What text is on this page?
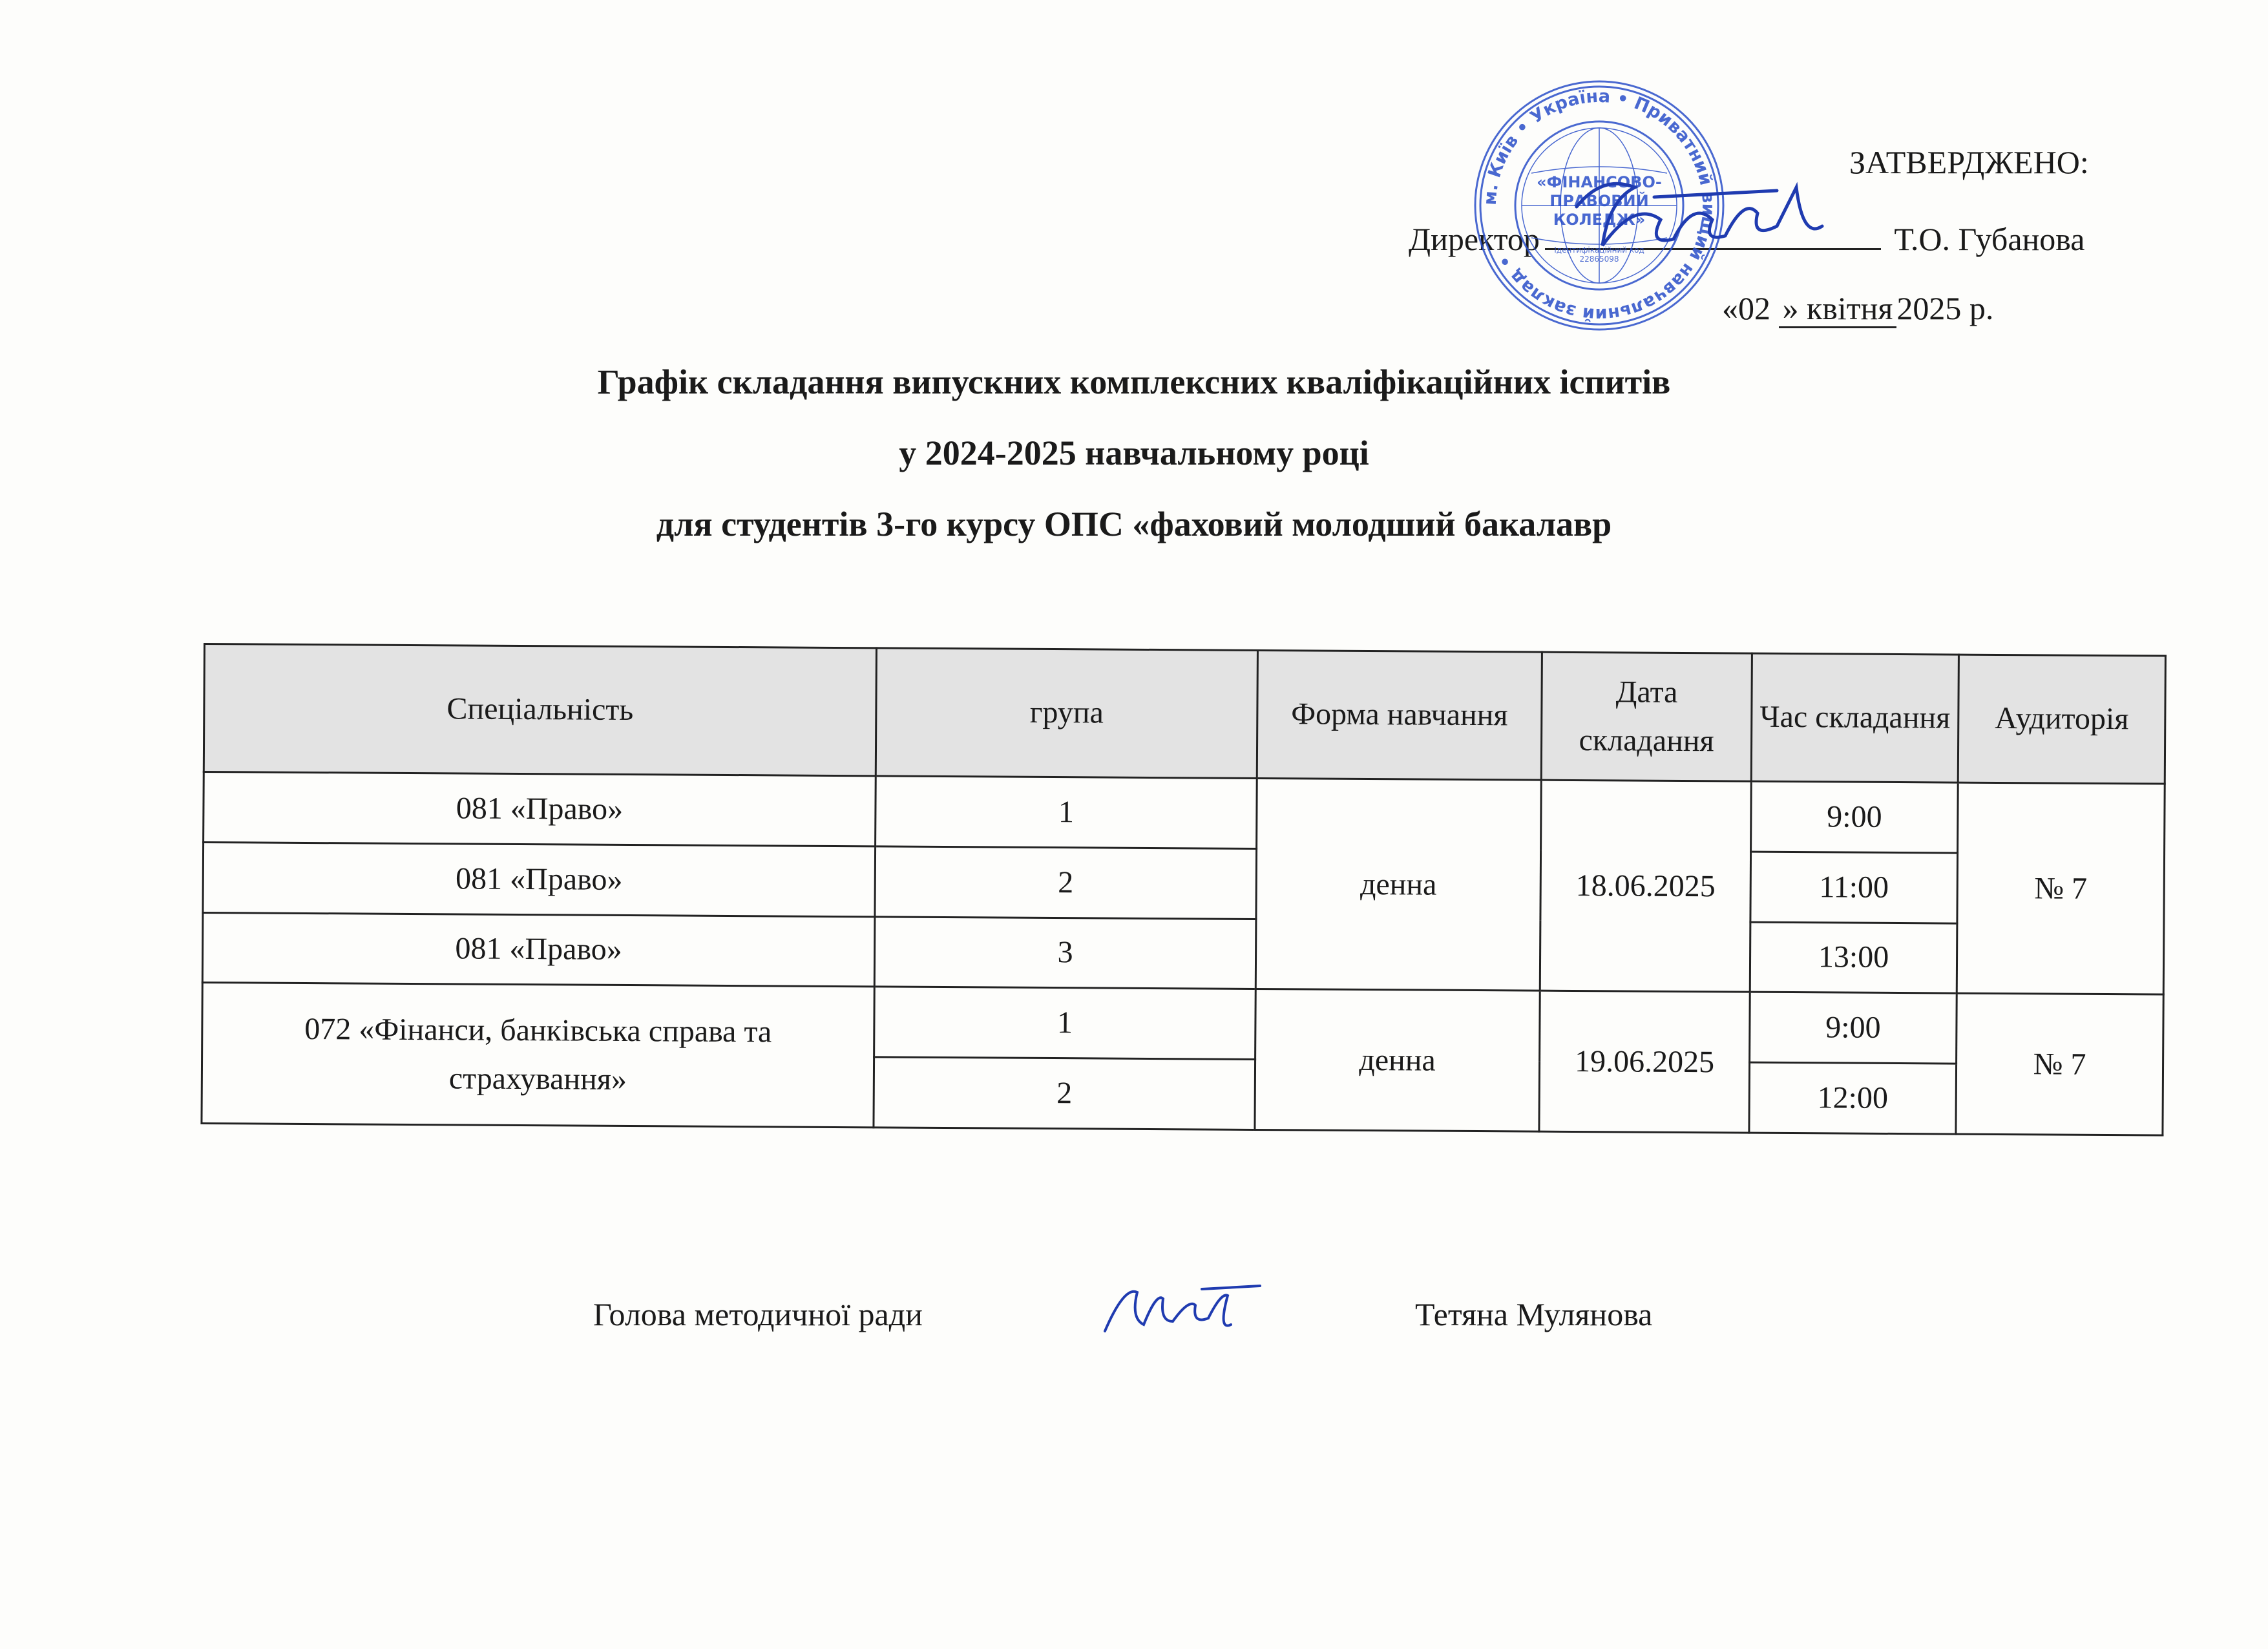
ЗАТВЕРДЖЕНО:
Директор	Т.О. Губанова
«02 » квітня 2025 р.
м. Київ • Україна • Приватний вищий навчальний заклад •
«ФІНАНСОВО-ПРАВОВИЙ КОЛЕДЖ»
Ідентифікаційний код 22865098
Графік складання випускних комплексних кваліфікаційних іспитів
у 2024-2025 навчальному році
для студентів 3-го курсу ОПС «фаховий молодший бакалавр
Спеціальність	група	Форма навчання	Дата складання	Час складання	Аудиторія
081 «Право»	1	денна	18.06.2025	9:00	№ 7
081 «Право»	2			11:00	
081 «Право»	3			13:00	
072 «Фінанси, банківська справа та страхування»	1	денна	19.06.2025	9:00	№ 7
	2			12:00	
Голова методичної ради	Тетяна Мулянова
